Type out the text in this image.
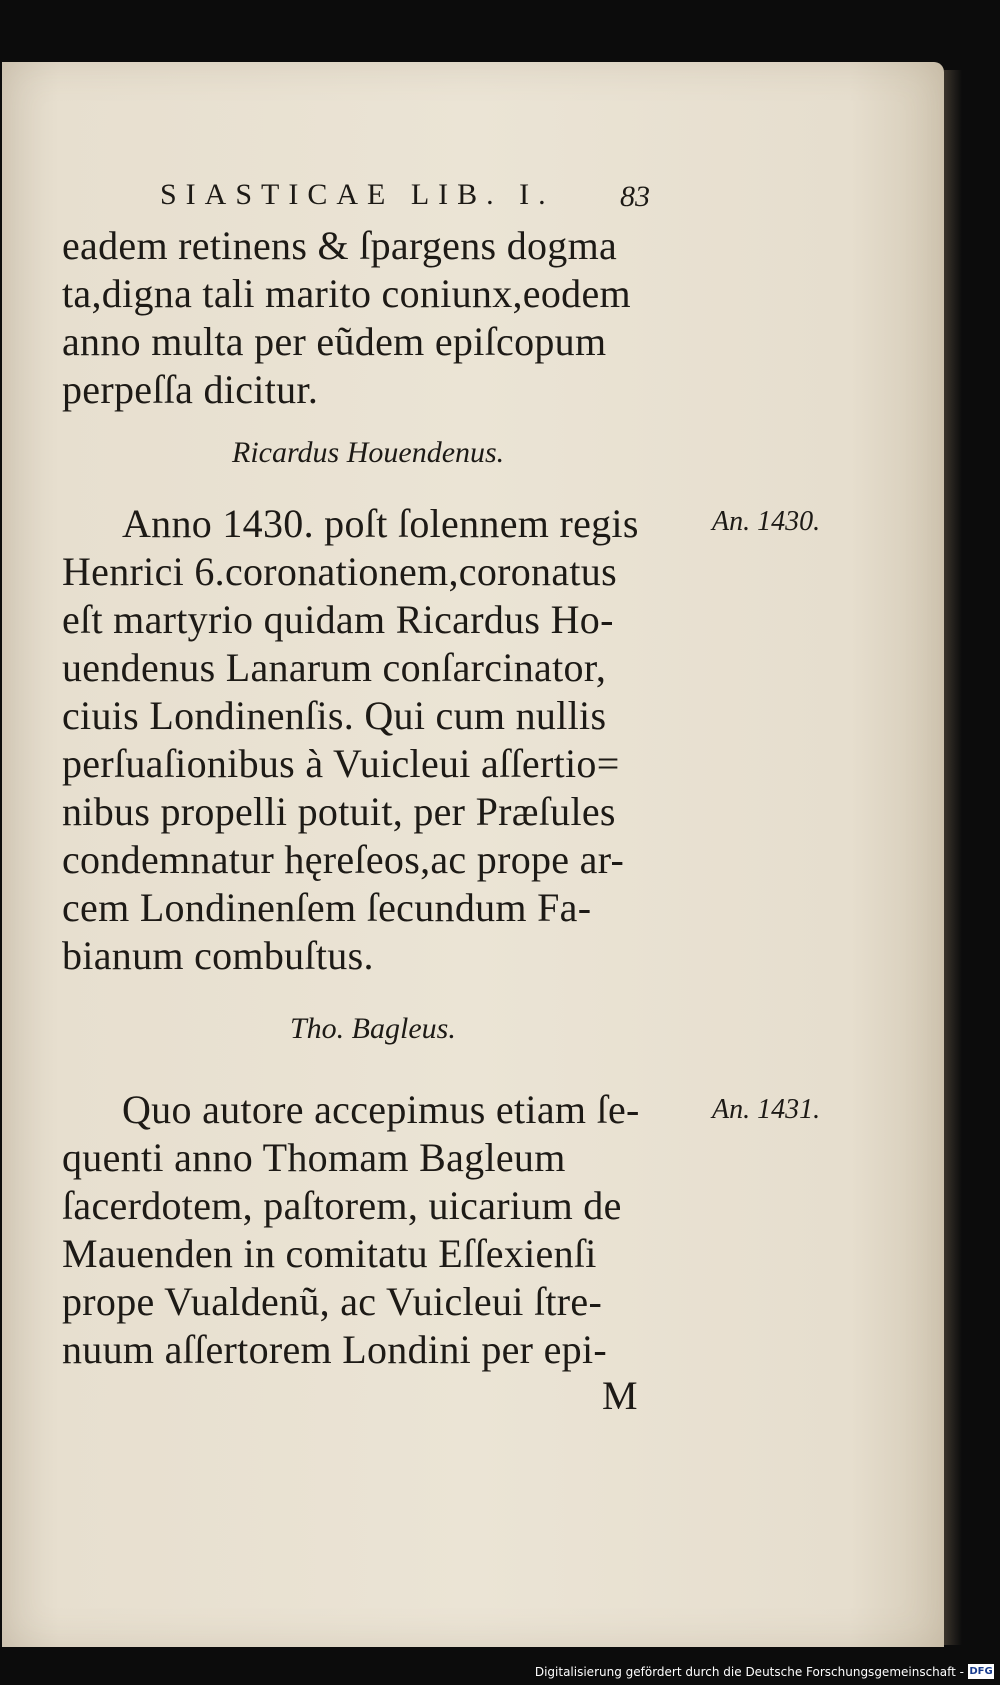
SIASTICAE LIB. I.	83
eadem retinens & ſpargens dogma
ta,digna tali marito coniunx,eodem
anno multa per eũdem epiſcopum
perpeſſa dicitur.
Ricardus Houendenus.
Anno 1430. poſt ſolennem regis	An. 1430.
Henrici 6.coronationem,coronatus
eſt martyrio quidam Ricardus Ho-
uendenus Lanarum conſarcinator,
ciuis Londinenſis. Qui cum nullis
perſuaſionibus à Vuicleui aſſertio=
nibus propelli potuit, per Præſules
condemnatur hęreſeos,ac prope ar-
cem Londinenſem ſecundum Fa-
bianum combuſtus.
Tho. Bagleus.
Quo autore accepimus etiam ſe-	An. 1431.
quenti anno Thomam Bagleum
ſacerdotem, paſtorem, uicarium de
Mauenden in comitatu Eſſexienſi
prope Vualdenũ, ac Vuicleui ſtre-
nuum aſſertorem Londini per epi-
M
Digitalisierung gefördert durch die Deutsche Forschungsgemeinschaft - DFG
